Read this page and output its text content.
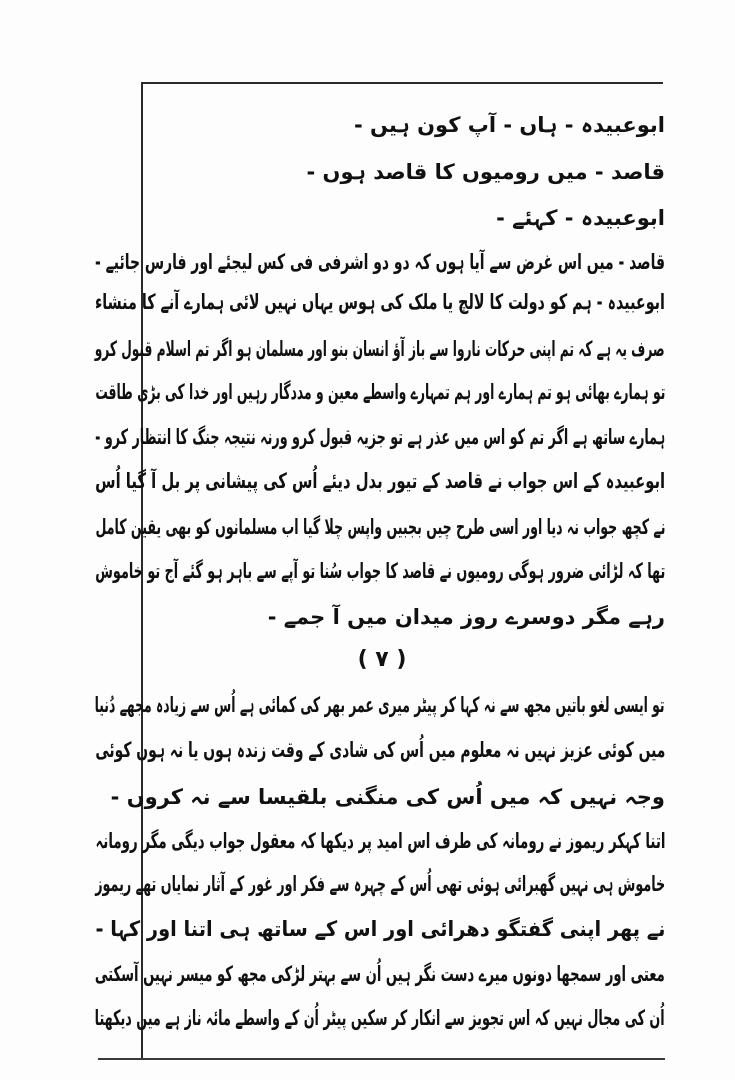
ابوعبیدہ - ہاں - آپ کون ہیں -
قاصد - میں رومیوں کا قاصد ہوں -
ابوعبیدہ - کہئے -
قاصد - میں اس غرض سے آیا ہوں کہ دو دو اشرفی فی کس لیجئے اور فارس جائیے -
ابوعبیدہ - ہم کو دولت کا لالچ یا ملک کی ہوس یہاں نہیں لائی ہمارے آنے کا منشاء
صرف یہ ہے کہ تم اپنی حرکات ناروا سے باز آؤ انسان بنو اور مسلمان ہو اگر تم اسلام قبول کرو
تو ہمارے بھائی ہو تم ہمارے اور ہم تمہارے واسطے معین و مددگار رہیں اور خدا کی بڑی طاقت
ہمارے ساتھ ہے اگر تم کو اس میں عذر ہے تو جزیہ قبول کرو ورنہ نتیجہ جنگ کا انتظار کرو -
ابوعبیدہ کے اس جواب نے قاصد کے تیور بدل دیئے اُس کی پیشانی پر بل آ گیا اُس
نے کچھ جواب نہ دیا اور اسی طرح چیں بجبیں واپس چلا گیا اب مسلمانوں کو بھی یقین کامل
تھا کہ لڑائی ضرور ہوگی رومیوں نے قاصد کا جواب سُنا تو آپے سے باہر ہو گئے آج تو خاموش
رہے مگر دوسرے روز میدان میں آ جمے -
( ۷ )
تو ایسی لغو باتیں مجھ سے نہ کہا کر پیٹر میری عمر بھر کی کمائی ہے اُس سے زیادہ مجھے دُنیا
میں کوئی عزیز نہیں نہ معلوم میں اُس کی شادی کے وقت زندہ ہوں یا نہ ہوں کوئی
وجہ نہیں کہ میں اُس کی منگنی بلقیسا سے نہ کروں -
اتنا کہکر ریموز نے رومانہ کی طرف اس امید پر دیکھا کہ معقول جواب دیگی مگر رومانہ
خاموش ہی نہیں گھبرائی ہوئی تھی اُس کے چہرہ سے فکر اور غور کے آثار نمایاں تھے ریموز
نے پھر اپنی گفتگو دھرائی اور اس کے ساتھ ہی اتنا اور کہا -
معتی اور سمجھا دونوں میرے دست نگر ہیں اُن سے بہتر لڑکی مجھ کو میسر نہیں آسکتی
اُن کی مجال نہیں کہ اس تجویز سے انکار کر سکیں پیٹر اُن کے واسطے مائہ ناز ہے میں دیکھتا
